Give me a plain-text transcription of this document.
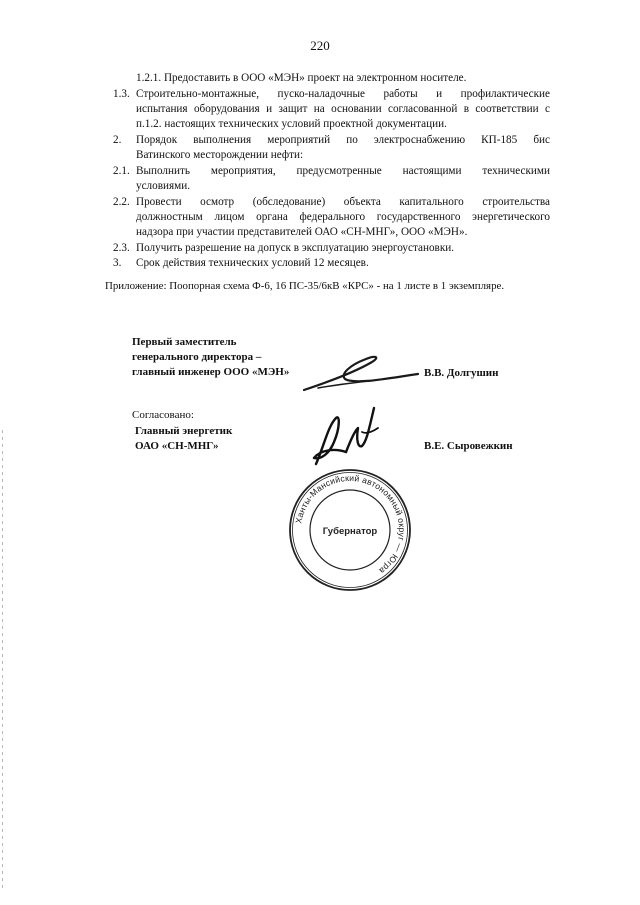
220
1.2.1. Предоставить в ООО «МЭН» проект на электронном носителе.
1.3. Строительно-монтажные, пуско-наладочные работы и профилактические
испытания оборудования и защит на основании согласованной в соответствии с
п.1.2. настоящих технических условий проектной документации.
2. Порядок выполнения мероприятий по электроснабжению КП-185 бис
Ватинского месторождении нефти:
2.1. Выполнить мероприятия, предусмотренные настоящими техническими
условиями.
2.2. Провести осмотр (обследование) объекта капитального строительства
должностным лицом органа федерального государственного энергетического
надзора при участии представителей ОАО «СН-МНГ», ООО «МЭН».
2.3. Получить разрешение на допуск в эксплуатацию энергоустановки.
3. Срок действия технических условий 12 месяцев.
Приложение: Поопорная схема Ф-6, 16 ПС-35/6кВ «КРС» - на 1 листе в 1 экземпляре.
Первый заместитель
генерального директора –
главный инженер ООО «МЭН»	В.В. Долгушин
Согласовано:
Главный энергетик
ОАО «СН-МНГ»	В.Е. Сыровежкин
Ханты-Мансийский автономный округ — Югра
Губернатор
